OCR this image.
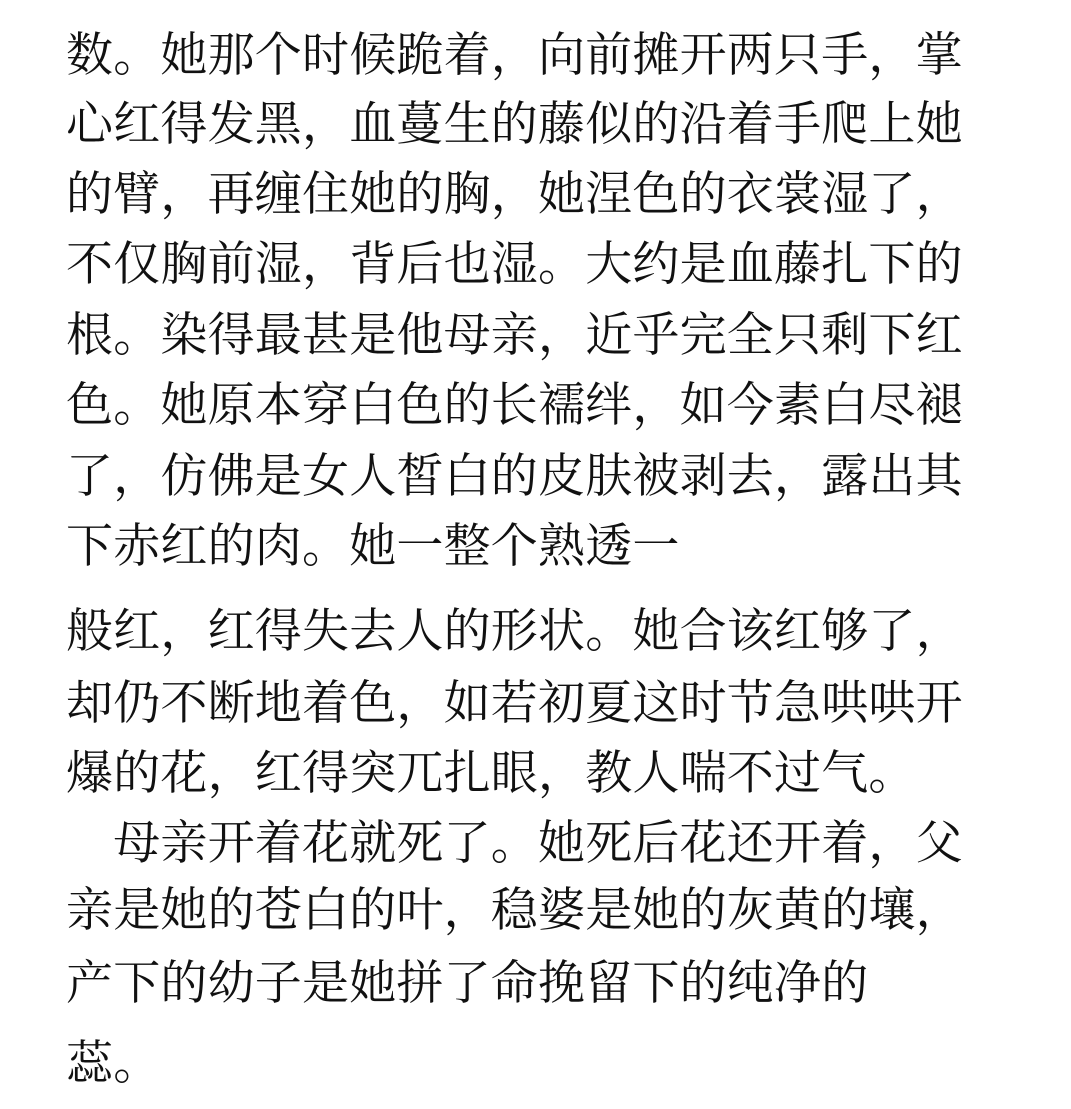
数。她那个时候跪着，向前摊开两只手，掌
心红得发黑，血蔓生的藤似的沿着手爬上她
的臂，再缠住她的胸，她涅色的衣裳湿了，
不仅胸前湿，背后也湿。大约是血藤扎下的
根。染得最甚是他母亲，近乎完全只剩下红
色。她原本穿白色的长襦绊，如今素白尽褪
了，仿佛是女人皙白的皮肤被剥去，露出其
下赤红的肉。她一整个熟透一
般红，红得失去人的形状。她合该红够了，
却仍不断地着色，如若初夏这时节急哄哄开
爆的花，红得突兀扎眼，教人喘不过气。
　母亲开着花就死了。她死后花还开着，父
亲是她的苍白的叶，稳婆是她的灰黄的壤，
产下的幼子是她拼了命挽留下的纯净的
蕊。
